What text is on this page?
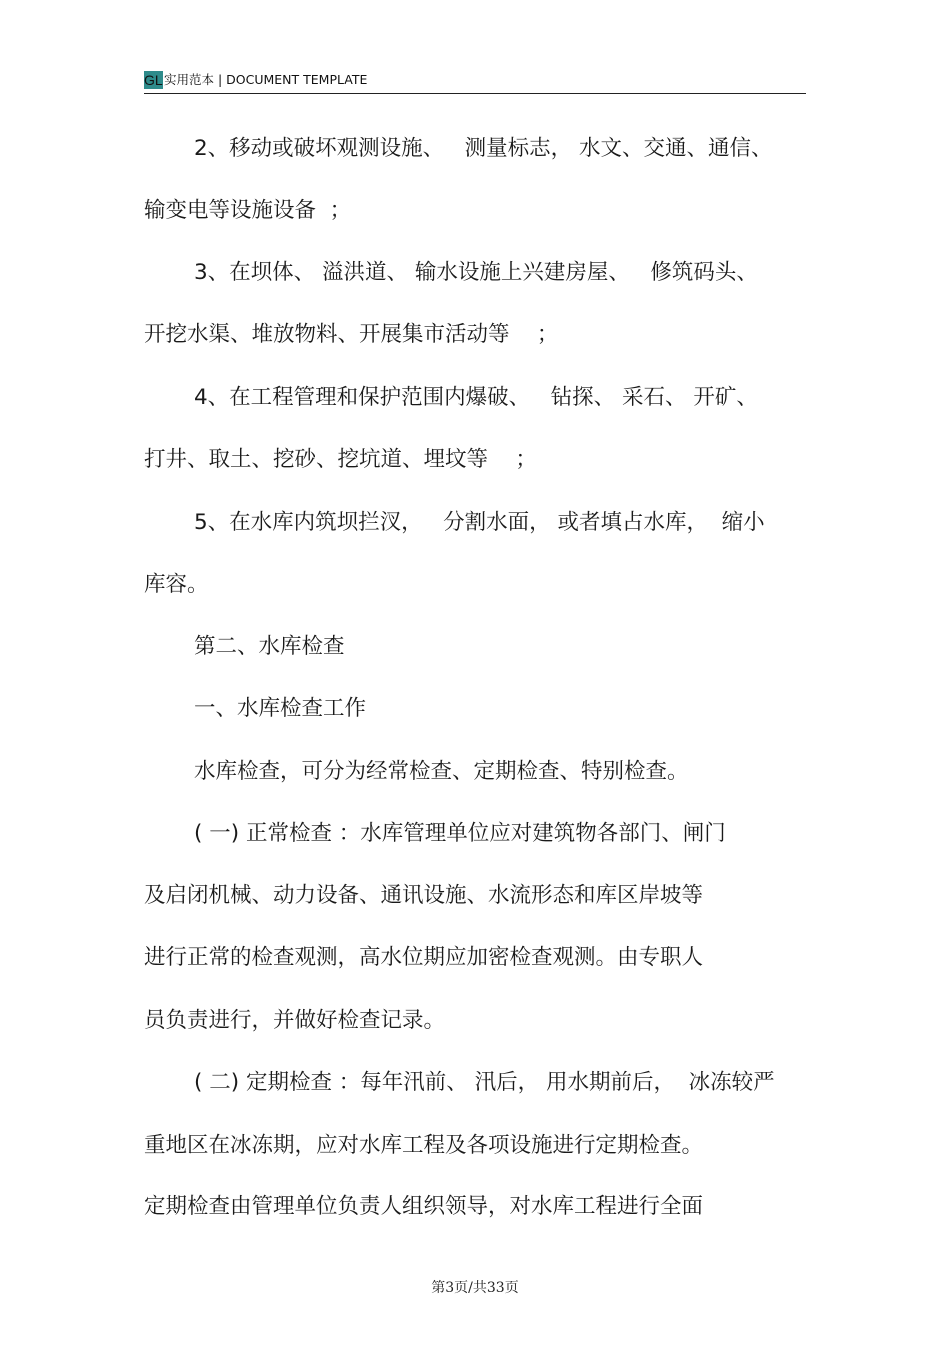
GL 实用范本 | DOCUMENT TEMPLATE
2、移动或破坏观测设施、   测量标志， 水文、交通、通信、
输变电等设施设备  ；
3、在坝体、 溢洪道、 输水设施上兴建房屋、   修筑码头、
开挖水渠、堆放物料、开展集市活动等    ；
4、在工程管理和保护范围内爆破、   钻探、 采石、 开矿、
打井、取土、挖砂、挖坑道、埋坟等    ；
5、在水库内筑坝拦汊，   分割水面， 或者填占水库，  缩小
库容。
第二、水库检查
一、水库检查工作
水库检查，可分为经常检查、定期检查、特别检查。
( 一) 正常检查 ：水库管理单位应对建筑物各部门、闸门
及启闭机械、动力设备、通讯设施、水流形态和库区岸坡等
进行正常的检查观测，高水位期应加密检查观测。由专职人
员负责进行，并做好检查记录。
( 二) 定期检查 ：每年汛前、 汛后， 用水期前后，  冰冻较严
重地区在冰冻期，应对水库工程及各项设施进行定期检查。
定期检查由管理单位负责人组织领导，对水库工程进行全面
第3页/共33页
